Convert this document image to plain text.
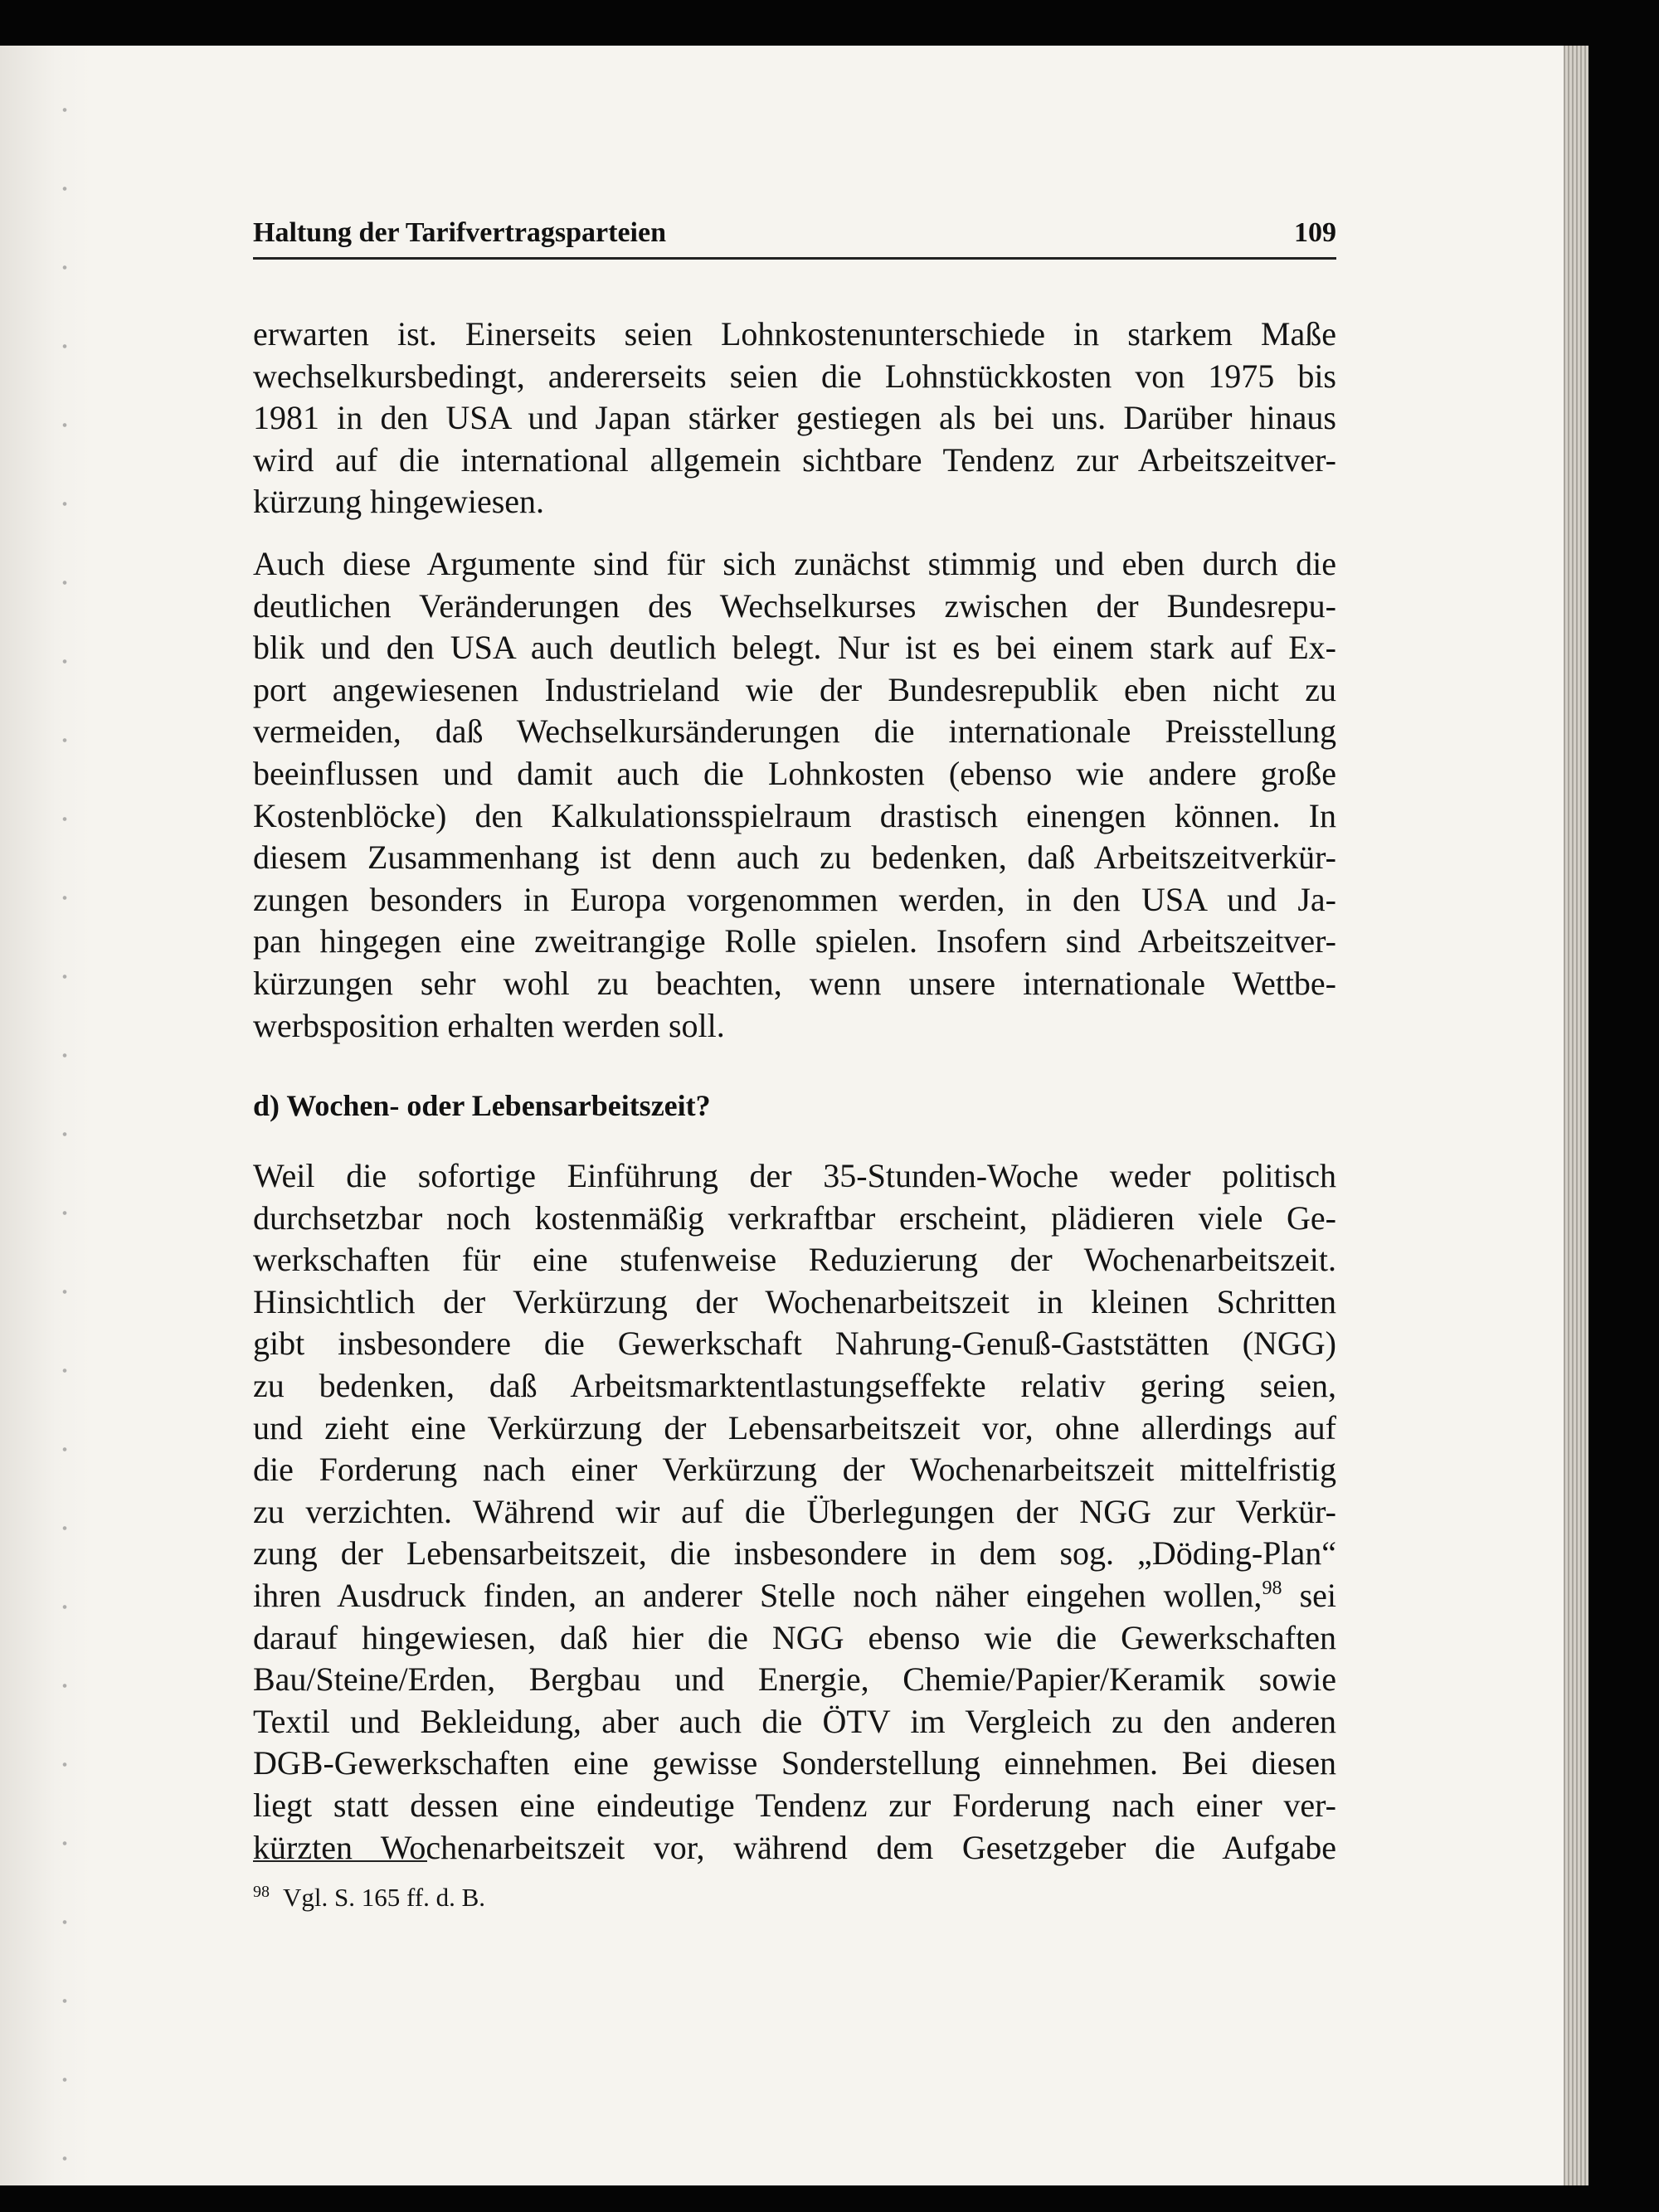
Haltung der Tarifvertragsparteien	109

erwarten ist. Einerseits seien Lohnkostenunterschiede in starkem Maße

wechselkursbedingt, andererseits seien die Lohnstückkosten von 1975 bis

1981 in den USA und Japan stärker gestiegen als bei uns. Darüber hinaus

wird auf die international allgemein sichtbare Tendenz zur Arbeitszeitver-

kürzung hingewiesen.

Auch diese Argumente sind für sich zunächst stimmig und eben durch die

deutlichen Veränderungen des Wechselkurses zwischen der Bundesrepu-

blik und den USA auch deutlich belegt. Nur ist es bei einem stark auf Ex-

port angewiesenen Industrieland wie der Bundesrepublik eben nicht zu

vermeiden, daß Wechselkursänderungen die internationale Preisstellung

beeinflussen und damit auch die Lohnkosten (ebenso wie andere große

Kostenblöcke) den Kalkulationsspielraum drastisch einengen können. In

diesem Zusammenhang ist denn auch zu bedenken, daß Arbeitszeitverkür-

zungen besonders in Europa vorgenommen werden, in den USA und Ja-

pan hingegen eine zweitrangige Rolle spielen. Insofern sind Arbeitszeitver-

kürzungen sehr wohl zu beachten, wenn unsere internationale Wettbe-

werbsposition erhalten werden soll.

d) Wochen- oder Lebensarbeitszeit?

Weil die sofortige Einführung der 35-Stunden-Woche weder politisch

durchsetzbar noch kostenmäßig verkraftbar erscheint, plädieren viele Ge-

werkschaften für eine stufenweise Reduzierung der Wochenarbeitszeit.

Hinsichtlich der Verkürzung der Wochenarbeitszeit in kleinen Schritten

gibt insbesondere die Gewerkschaft Nahrung-Genuß-Gaststätten (NGG)

zu bedenken, daß Arbeitsmarktentlastungseffekte relativ gering seien,

und zieht eine Verkürzung der Lebensarbeitszeit vor, ohne allerdings auf

die Forderung nach einer Verkürzung der Wochenarbeitszeit mittelfristig

zu verzichten. Während wir auf die Überlegungen der NGG zur Verkür-

zung der Lebensarbeitszeit, die insbesondere in dem sog. „Döding-Plan“

ihren Ausdruck finden, an anderer Stelle noch näher eingehen wollen,$^{98}$ sei

darauf hingewiesen, daß hier die NGG ebenso wie die Gewerkschaften

Bau/Steine/Erden, Bergbau und Energie, Chemie/Papier/Keramik sowie

Textil und Bekleidung, aber auch die ÖTV im Vergleich zu den anderen

DGB-Gewerkschaften eine gewisse Sonderstellung einnehmen. Bei diesen

liegt statt dessen eine eindeutige Tendenz zur Forderung nach einer ver-

kürzten Wochenarbeitszeit vor, während dem Gesetzgeber die Aufgabe

$^{98}$ Vgl. S. 165 ff. d. B.
